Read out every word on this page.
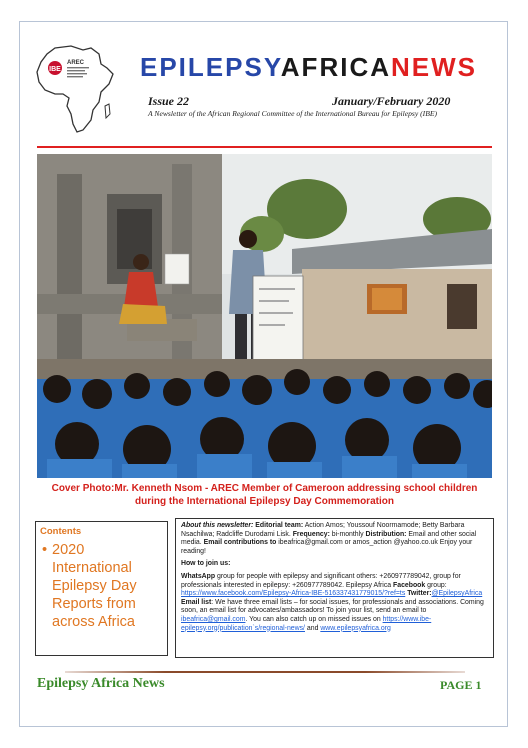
IBE
AREC EPILEPSYAFRICANEWS
Issue 22	January/February 2020
A Newsletter of the African Regional Committee of the International Bureau for Epilepsy (IBE)
Cover Photo:Mr. Kenneth Nsom - AREC Member of Cameroon addressing school children
during the International Epilepsy Day Commemoration
Contents
• 2020 International Epilepsy Day Reports from across Africa

About this newsletter: Editorial team: Action Amos; Youssouf Noormamode; Betty Barbara Nsachilwa; Radcliffe Durodami Lisk. Frequency: bi-monthly Distribution: Email and other social media. Email contributions to ibeafrica@gmail.com or amos_action @yahoo.co.uk Enjoy your reading!

How to join us:

WhatsApp group for people with epilepsy and significant others: +260977789042, group for professionals interested in epilepsy: +260977789042. Epilepsy Africa Facebook group: https://www.facebook.com/Epilepsy-Africa-IBE-516337431779015/?ref=ts Twitter:@EpilepsyAfrica Email list: We have three email lists – for social issues, for professionals and associations. Coming soon, an email list for advocates/ambassadors! To join your list, send an email to ibeafrica@gmail.com. You can also catch up on missed issues on https://www.ibe-epilepsy.org/publication`s/regional-news/ and www.epilepsyafrica.org

Epilepsy Africa News	PAGE 1
